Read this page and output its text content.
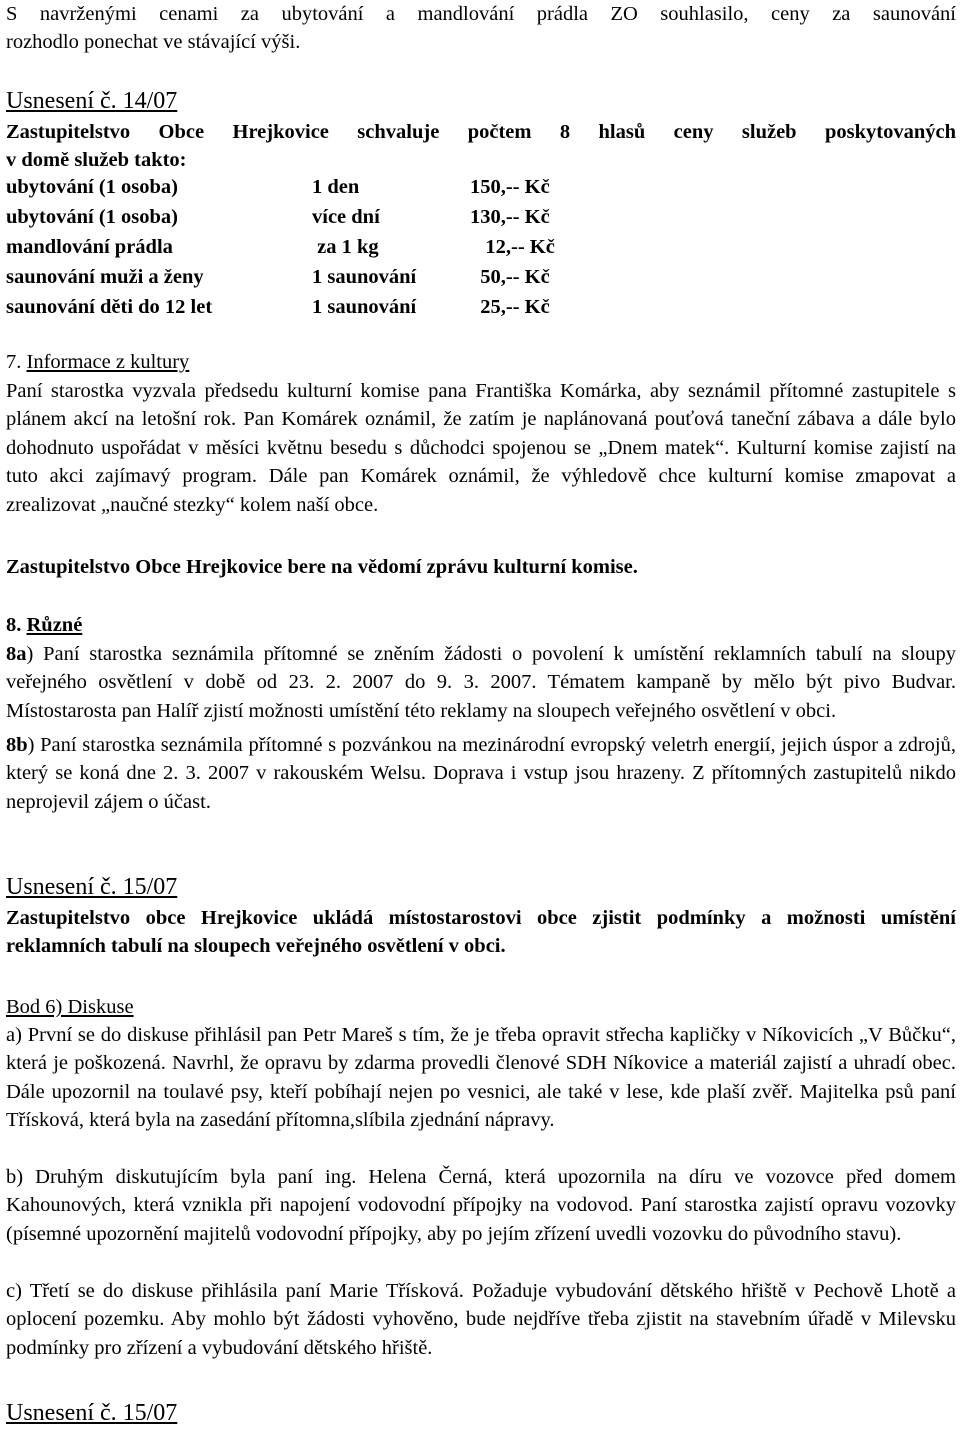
S navrženými cenami za ubytování a mandlování prádla ZO souhlasilo, ceny za saunování

rozhodlo ponechat ve stávající výši.

Usnesení č. 14/07

Zastupitelstvo Obce Hrejkovice schvaluje počtem 8 hlasů ceny služeb poskytovaných

v domě služeb takto:

ubytování (1 osoba)	1 den	150,-- Kč
ubytování (1 osoba)	více dní	130,-- Kč
mandlování prádla	za 1 kg	12,-- Kč
saunování muži a ženy	1 saunování	50,-- Kč
saunování děti do 12 let	1 saunování	25,-- Kč

7. Informace z kultury

Paní starostka vyzvala předsedu kulturní komise pana Františka Komárka, aby seznámil přítomné zastupitele s plánem akcí na letošní rok. Pan Komárek oznámil, že zatím je naplánovaná pouťová taneční zábava a dále bylo dohodnuto uspořádat v měsíci květnu besedu s důchodci spojenou se „Dnem matek“. Kulturní komise zajistí na tuto akci zajímavý program. Dále pan Komárek oznámil, že výhledově chce kulturní komise zmapovat a zrealizovat „naučné stezky“ kolem naší obce.

Zastupitelstvo Obce Hrejkovice bere na vědomí zprávu kulturní komise.

8. Různé

8a) Paní starostka seznámila přítomné se zněním žádosti o povolení k umístění reklamních tabulí na sloupy veřejného osvětlení v době od 23. 2. 2007 do 9. 3. 2007. Tématem kampaně by mělo být pivo Budvar. Místostarosta pan Halíř zjistí možnosti umístění této reklamy na sloupech veřejného osvětlení v obci.

8b) Paní starostka seznámila přítomné s pozvánkou na mezinárodní evropský veletrh energií, jejich úspor a zdrojů, který se koná dne 2. 3. 2007 v rakouském Welsu. Doprava i vstup jsou hrazeny. Z přítomných zastupitelů nikdo neprojevil zájem o účast.

Usnesení č. 15/07

Zastupitelstvo obce Hrejkovice ukládá místostarostovi obce zjistit podmínky a možnosti umístění reklamních tabulí na sloupech veřejného osvětlení v obci.

Bod 6) Diskuse

a) První se do diskuse přihlásil pan Petr Mareš s tím, že je třeba opravit střecha kapličky v Níkovicích „V Bůčku“, která je poškozená. Navrhl, že opravu by zdarma provedli členové SDH Níkovice a materiál zajistí a uhradí obec. Dále upozornil na toulavé psy, kteří pobíhají nejen po vesnici, ale také v lese, kde plaší zvěř. Majitelka psů paní Třísková, která byla na zasedání přítomna,slíbila zjednání nápravy.

b) Druhým diskutujícím byla paní ing. Helena Černá, která upozornila na díru ve vozovce před domem Kahounových, která vznikla při napojení vodovodní přípojky na vodovod. Paní starostka zajistí opravu vozovky (písemné upozornění majitelů vodovodní přípojky, aby po jejím zřízení uvedli vozovku do původního stavu).

c) Třetí se do diskuse přihlásila paní Marie Třísková. Požaduje vybudování dětského hřiště v Pechově Lhotě a oplocení pozemku. Aby mohlo být žádosti vyhověno, bude nejdříve třeba zjistit na stavebním úřadě v Milevsku podmínky pro zřízení a vybudování dětského hřiště.

Usnesení č. 15/07
